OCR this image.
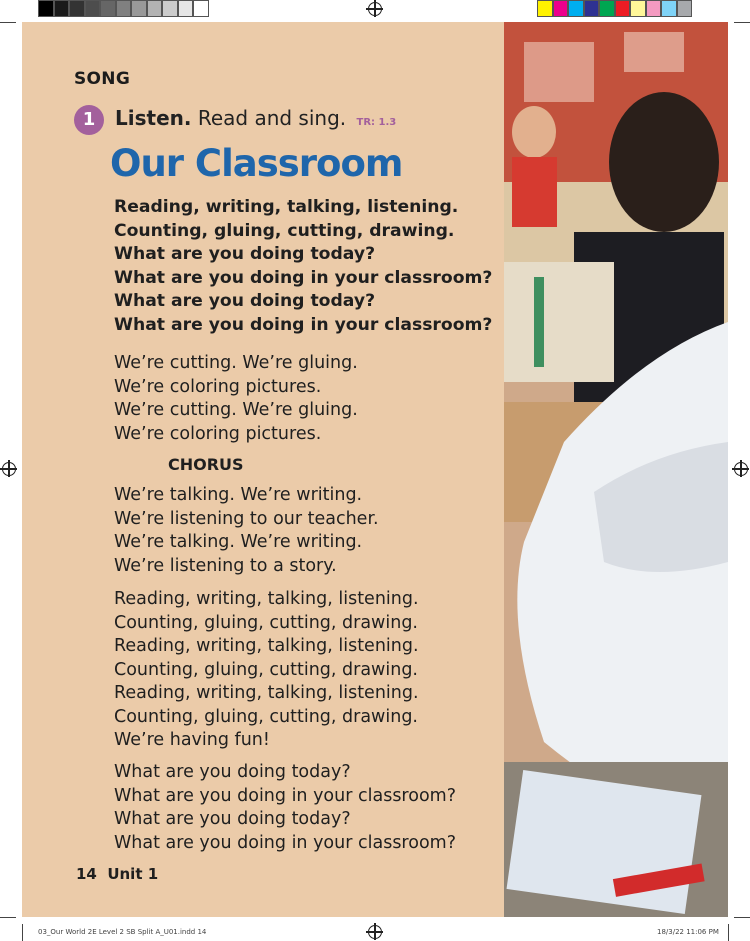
SONG
1 Listen. Read and sing. TR: 1.3
Our Classroom
Reading, writing, talking, listening.
Counting, gluing, cutting, drawing.
What are you doing today?
What are you doing in your classroom?
What are you doing today?
What are you doing in your classroom?
We’re cutting. We’re gluing.
We’re coloring pictures.
We’re cutting. We’re gluing.
We’re coloring pictures.
CHORUS
We’re talking. We’re writing.
We’re listening to our teacher.
We’re talking. We’re writing.
We’re listening to a story.
Reading, writing, talking, listening.
Counting, gluing, cutting, drawing.
Reading, writing, talking, listening.
Counting, gluing, cutting, drawing.
Reading, writing, talking, listening.
Counting, gluing, cutting, drawing.
We’re having fun!
What are you doing today?
What are you doing in your classroom?
What are you doing today?
What are you doing in your classroom?
14  Unit 1
03_Our World 2E Level 2 SB Split A_U01.indd 14	18/3/22 11:06 PM
